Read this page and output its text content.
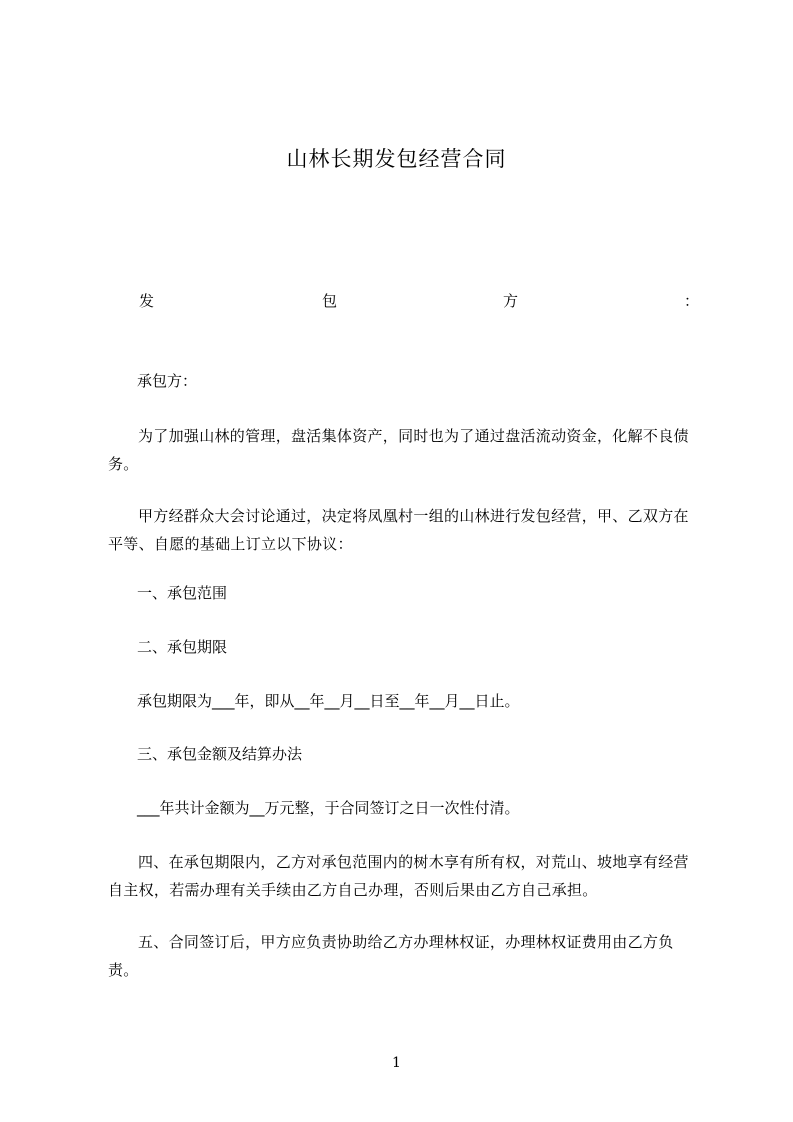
山林长期发包经营合同
发	包	方	：
承包方：
为了加强山林的管理，盘活集体资产，同时也为了通过盘活流动资金，化解不良债务。
甲方经群众大会讨论通过，决定将凤凰村一组的山林进行发包经营，甲、乙双方在平等、自愿的基础上订立以下协议：
一、承包范围
二、承包期限
承包期限为___年，即从__年__月__日至__年__月__日止。
三、承包金额及结算办法
___年共计金额为__万元整，于合同签订之日一次性付清。
四、在承包期限内，乙方对承包范围内的树木享有所有权，对荒山、坡地享有经营自主权，若需办理有关手续由乙方自己办理，否则后果由乙方自己承担。
五、合同签订后，甲方应负责协助给乙方办理林权证，办理林权证费用由乙方负责。
1
